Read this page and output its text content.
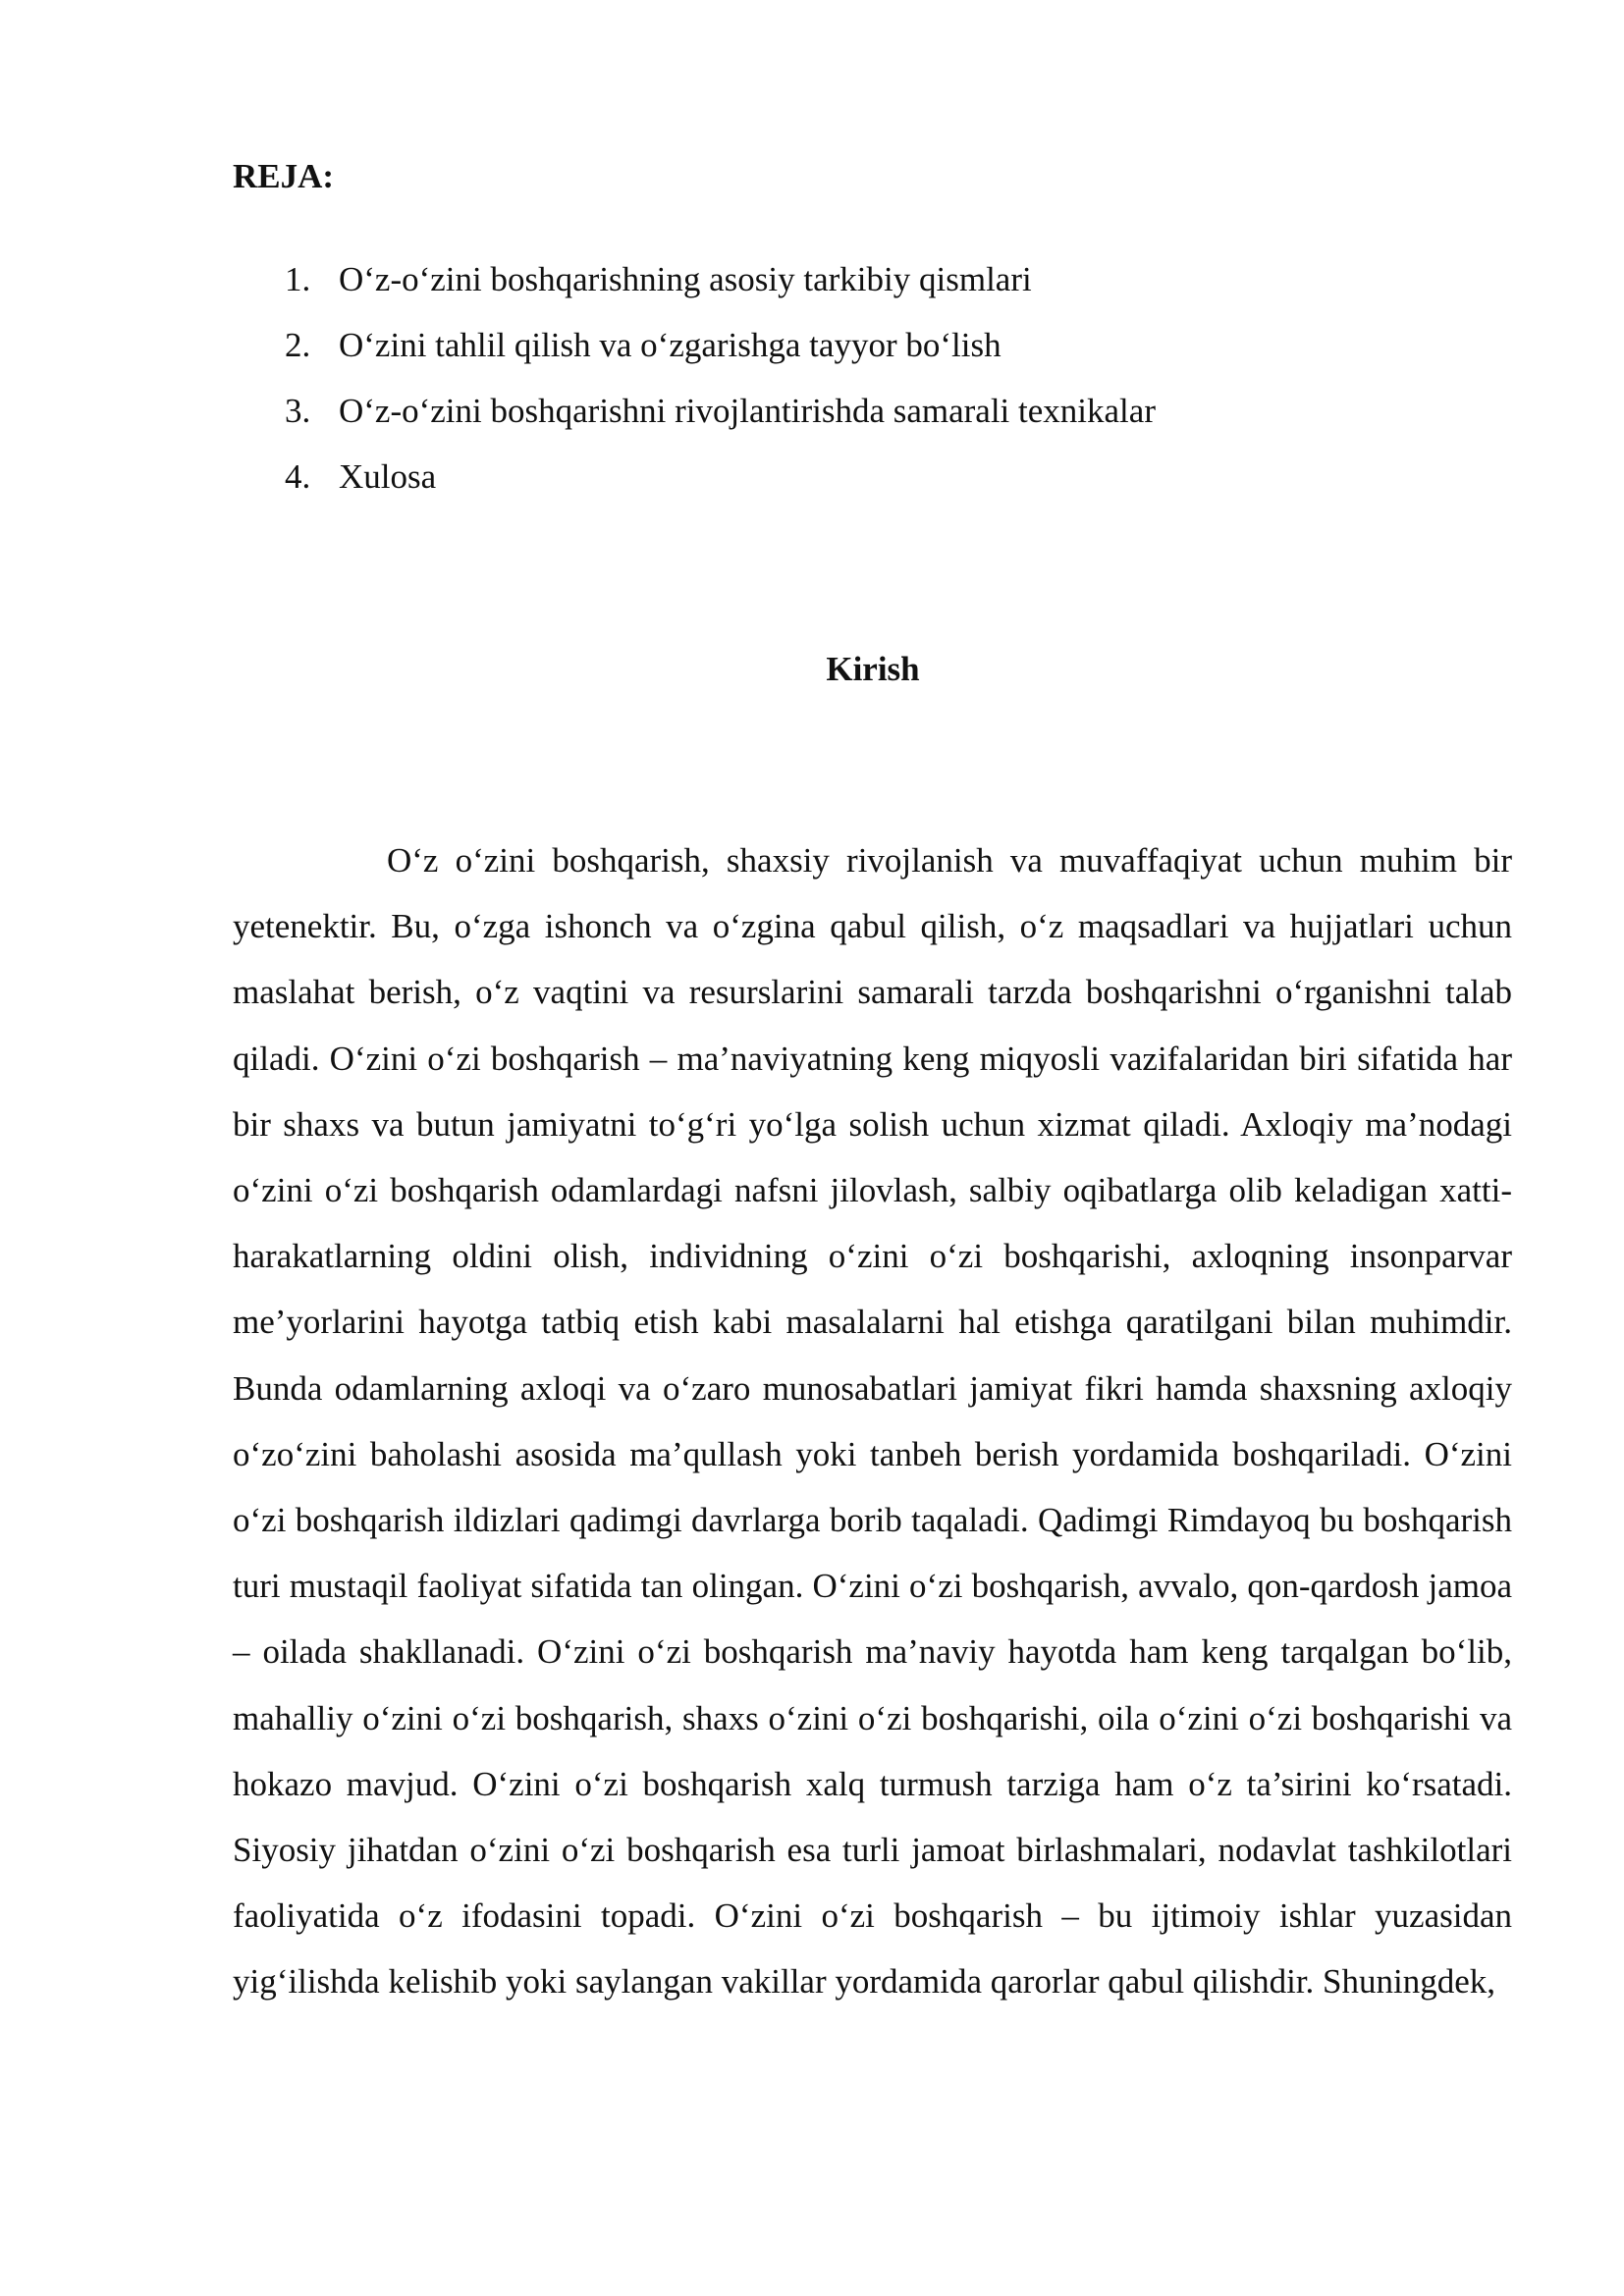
REJA:
1. O‘z-o‘zini boshqarishning asosiy tarkibiy qismlari
2. O‘zini tahlil qilish va o‘zgarishga tayyor bo‘lish
3. O‘z-o‘zini boshqarishni rivojlantirishda samarali texnikalar
4. Xulosa
Kirish

O‘z o‘zini boshqarish, shaxsiy rivojlanish va muvaffaqiyat uchun muhim bir yetenektir. Bu, o‘zga ishonch va o‘zgina qabul qilish, o‘z maqsadlari va hujjatlari uchun maslahat berish, o‘z vaqtini va resurslarini samarali tarzda boshqarishni o‘rganishni talab qiladi. O‘zini o‘zi boshqarish – ma’naviyatning keng miqyosli vazifalaridan biri sifatida har bir shaxs va butun jamiyatni to‘g‘ri yo‘lga solish uchun xizmat qiladi. Axloqiy ma’nodagi o‘zini o‘zi boshqarish odamlardagi nafsni jilovlash, salbiy oqibatlarga olib keladigan xatti-harakatlarning oldini olish, individning o‘zini o‘zi boshqarishi, axloqning insonparvar me’yorlarini hayotga tatbiq etish kabi masalalarni hal etishga qaratilgani bilan muhimdir. Bunda odamlarning axloqi va o‘zaro munosabatlari jamiyat fikri hamda shaxsning axloqiy o‘zo‘zini baholashi asosida ma’qullash yoki tanbeh berish yordamida boshqariladi. O‘zini o‘zi boshqarish ildizlari qadimgi davrlarga borib taqaladi. Qadimgi Rimdayoq bu boshqarish turi mustaqil faoliyat sifatida tan olingan. O‘zini o‘zi boshqarish, avvalo, qon-qardosh jamoa – oilada shakllanadi. O‘zini o‘zi boshqarish ma’naviy hayotda ham keng tarqalgan bo‘lib, mahalliy o‘zini o‘zi boshqarish, shaxs o‘zini o‘zi boshqarishi, oila o‘zini o‘zi boshqarishi va hokazo mavjud. O‘zini o‘zi boshqarish xalq turmush tarziga ham o‘z ta’sirini ko‘rsatadi. Siyosiy jihatdan o‘zini o‘zi boshqarish esa turli jamoat birlashmalari, nodavlat tashkilotlari faoliyatida o‘z ifodasini topadi. O‘zini o‘zi boshqarish – bu ijtimoiy ishlar yuzasidan yig‘ilishda kelishib yoki saylangan vakillar yordamida qarorlar qabul qilishdir. Shuningdek,
